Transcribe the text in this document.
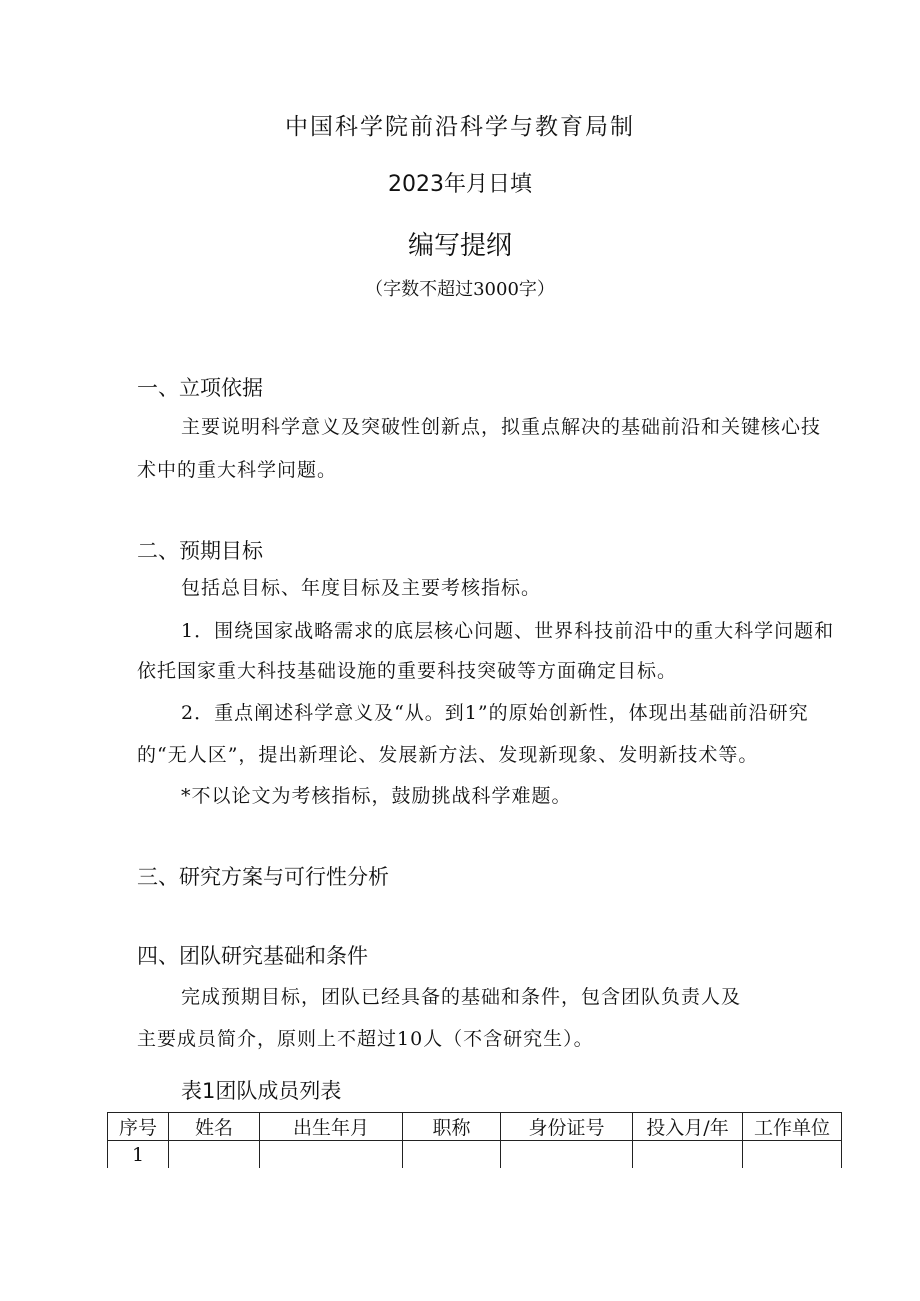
中国科学院前沿科学与教育局制
2023年月日填
编写提纲
（字数不超过3000字）
一、立项依据
主要说明科学意义及突破性创新点，拟重点解决的基础前沿和关键核心技
术中的重大科学问题。
二、预期目标
包括总目标、年度目标及主要考核指标。
1．围绕国家战略需求的底层核心问题、世界科技前沿中的重大科学问题和
依托国家重大科技基础设施的重要科技突破等方面确定目标。
2．重点阐述科学意义及“从。到1”的原始创新性，体现出基础前沿研究
的“无人区”，提出新理论、发展新方法、发现新现象、发明新技术等。
*不以论文为考核指标，鼓励挑战科学难题。
三、研究方案与可行性分析
四、团队研究基础和条件
完成预期目标，团队已经具备的基础和条件，包含团队负责人及
主要成员简介，原则上不超过10人（不含研究生）。
表1团队成员列表
序号	姓名	出生年月	职称	身份证号	投入月/年	工作单位
1						
